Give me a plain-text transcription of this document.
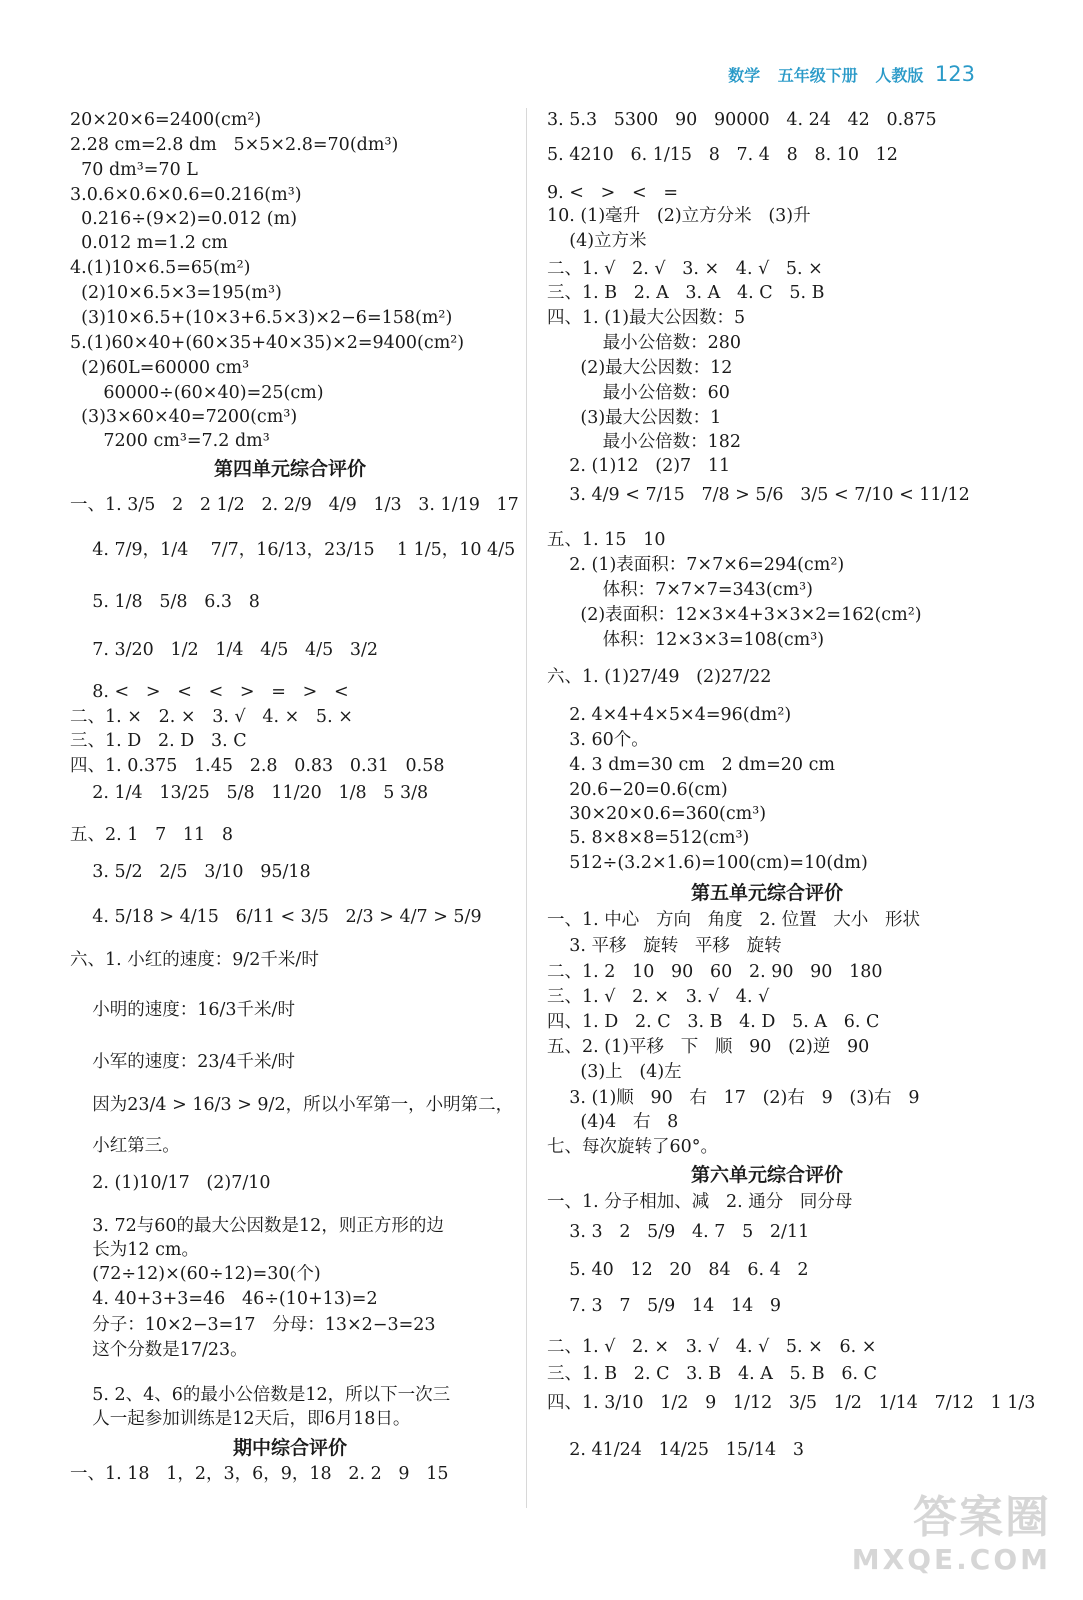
数学 五年级下册 人教版 123
20×20×6=2400(cm²)
2.28 cm=2.8 dm   5×5×2.8=70(dm³)
70 dm³=70 L
3.0.6×0.6×0.6=0.216(m³)
0.216÷(9×2)=0.012 (m)
0.012 m=1.2 cm
4.(1)10×6.5=65(m²)
(2)10×6.5×3=195(m³)
(3)10×6.5+(10×3+6.5×3)×2−6=158(m²)
5.(1)60×40+(60×35+40×35)×2=9400(cm²)
(2)60L=60000 cm³
60000÷(60×40)=25(cm)
(3)3×60×40=7200(cm³)
7200 cm³=7.2 dm³
第四单元综合评价
一、1. 3/5   2   2 1/2   2. 2/9   4/9   1/3   3. 1/19   17
4. 7/9，1/4    7/7，16/13，23/15    1 1/5，10 4/5
5. 1/8   5/8   6.3   8
7. 3/20   1/2   1/4   4/5   4/5   3/2
8. <   >   <   <   >   =   >   <
二、1. ×   2. ×   3. √   4. ×   5. ×
三、1. D   2. D   3. C
四、1. 0.375   1.45   2.8   0.83   0.31   0.58
2. 1/4   13/25   5/8   11/20   1/8   5 3/8
五、2. 1   7   11   8
3. 5/2   2/5   3/10   95/18
4. 5/18 > 4/15   6/11 < 3/5   2/3 > 4/7 > 5/9
六、1. 小红的速度：9/2千米/时
小明的速度：16/3千米/时
小军的速度：23/4千米/时
因为23/4 > 16/3 > 9/2，所以小军第一，小明第二，
小红第三。
2. (1)10/17   (2)7/10
3. 72与60的最大公因数是12，则正方形的边
长为12 cm。
(72÷12)×(60÷12)=30(个)
4. 40+3+3=46   46÷(10+13)=2
分子：10×2−3=17   分母：13×2−3=23
这个分数是17/23。
5. 2、4、6的最小公倍数是12，所以下一次三
人一起参加训练是12天后，即6月18日。
期中综合评价
一、1. 18   1，2，3，6，9，18   2. 2   9   15
3. 5.3   5300   90   90000   4. 24   42   0.875
5. 4210   6. 1/15   8   7. 4   8   8. 10   12
9. <   >   <   =
10. (1)毫升   (2)立方分米   (3)升
(4)立方米
二、1. √   2. √   3. ×   4. √   5. ×
三、1. B   2. A   3. A   4. C   5. B
四、1. (1)最大公因数：5
最小公倍数：280
(2)最大公因数：12
最小公倍数：60
(3)最大公因数：1
最小公倍数：182
2. (1)12   (2)7   11
3. 4/9 < 7/15   7/8 > 5/6   3/5 < 7/10 < 11/12
五、1. 15   10
2. (1)表面积：7×7×6=294(cm²)
体积：7×7×7=343(cm³)
(2)表面积：12×3×4+3×3×2=162(cm²)
体积：12×3×3=108(cm³)
六、1. (1)27/49   (2)27/22
2. 4×4+4×5×4=96(dm²)
3. 60个。
4. 3 dm=30 cm   2 dm=20 cm
20.6−20=0.6(cm)
30×20×0.6=360(cm³)
5. 8×8×8=512(cm³)
512÷(3.2×1.6)=100(cm)=10(dm)
第五单元综合评价
一、1. 中心   方向   角度   2. 位置   大小   形状
3. 平移   旋转   平移   旋转
二、1. 2   10   90   60   2. 90   90   180
三、1. √   2. ×   3. √   4. √
四、1. D   2. C   3. B   4. D   5. A   6. C
五、2. (1)平移   下   顺   90   (2)逆   90
(3)上   (4)左
3. (1)顺   90   右   17   (2)右   9   (3)右   9
(4)4   右   8
七、每次旋转了60°。
第六单元综合评价
一、1. 分子相加、减   2. 通分   同分母
3. 3   2   5/9   4. 7   5   2/11
5. 40   12   20   84   6. 4   2
7. 3   7   5/9   14   14   9
二、1. √   2. ×   3. √   4. √   5. ×   6. ×
三、1. B   2. C   3. B   4. A   5. B   6. C
四、1. 3/10   1/2   9   1/12   3/5   1/2   1/14   7/12   1 1/3
2. 41/24   14/25   15/14   3
答案圈
MXQE.COM
